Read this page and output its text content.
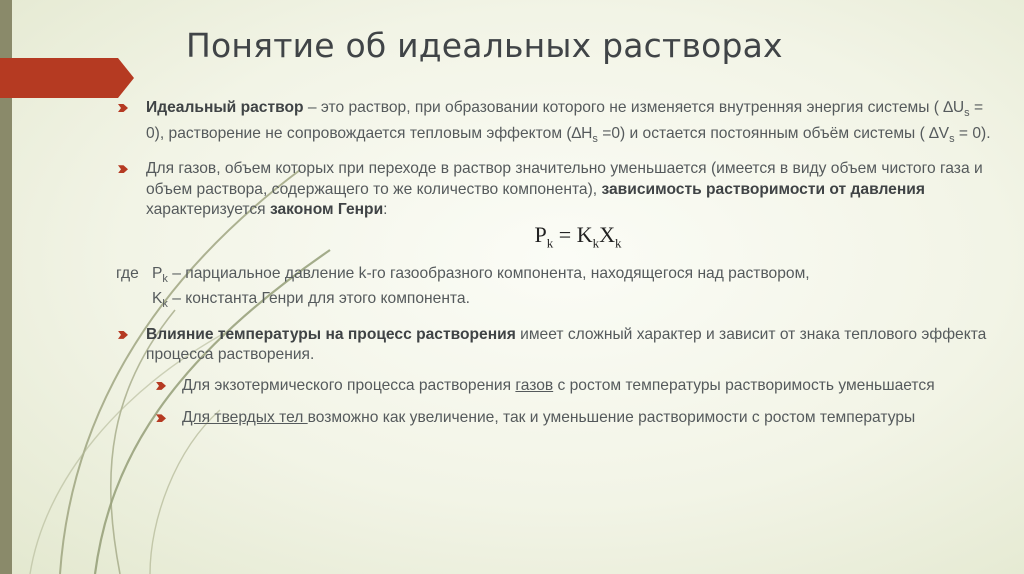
Понятие об идеальных растворах
Идеальный раствор – это раствор, при образовании которого не изменяется внутренняя энергия системы ( $\Delta U_s = 0$), растворение не сопровождается тепловым эффектом $(\Delta H_s =0)$ и остается постоянным объём системы ( $\Delta V_s = 0$).
Для газов, объем которых при переходе в раствор значительно уменьшается (имеется в виду объем чистого газа и объем раствора, содержащего то же количество компонента), зависимость растворимости от давления характеризуется законом Генри:
$P_k = K_kX_k$
где $P_k$ – парциальное давление k-го газообразного компонента, находящегося над раствором,
$K_k$ – константа Генри для этого компонента.
Влияние температуры на процесс растворения имеет сложный характер и зависит от знака теплового эффекта процесса растворения.
Для экзотермического процесса растворения газов с ростом температуры растворимость уменьшается
Для твердых тел возможно как увеличение, так и уменьшение растворимости с ростом температуры
